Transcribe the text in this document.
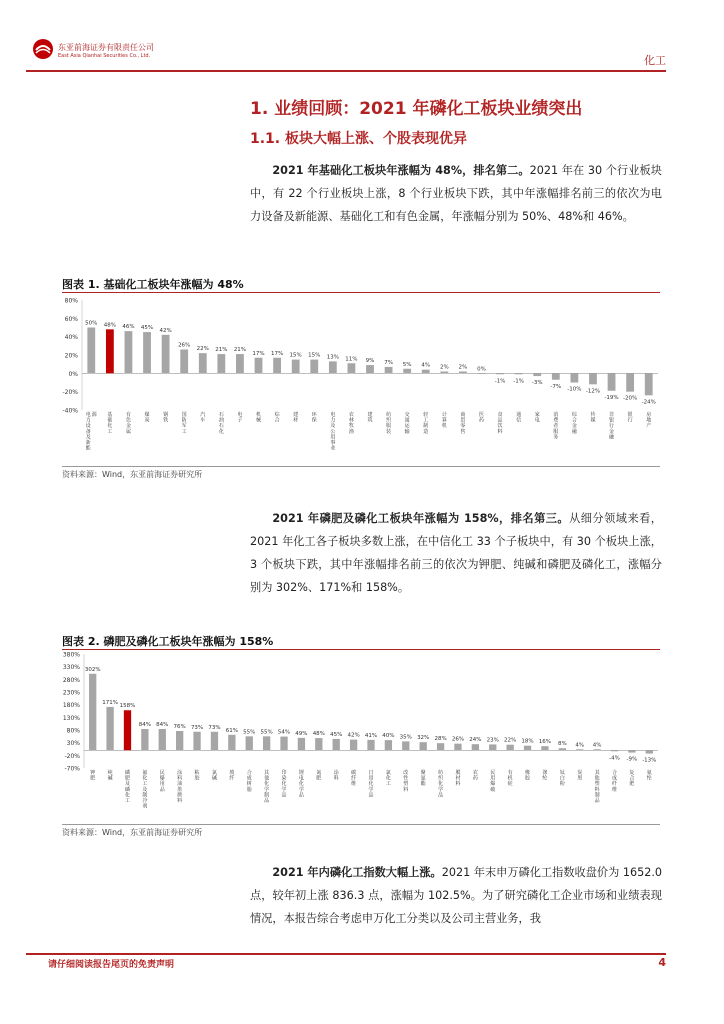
东亚前海证券有限责任公司
East Asia Qianhai Securities Co., Ltd.	化工
1. 业绩回顾：2021 年磷化工板块业绩突出
1.1. 板块大幅上涨、个股表现优异
2021 年基础化工板块年涨幅为 48%，排名第二。2021 年在 30 个行业板块中，有 22 个行业板块上涨，8 个行业板块下跌，其中年涨幅排名前三的依次为电力设备及新能源、基础化工和有色金属，年涨幅分别为 50%、48%和 46%。
图表 1. 基础化工板块年涨幅为 48%
80%
60%
40%
20%
0%
-20%
-40%
50%
电力设备及新能
源
48%
基础化工
46%
有色金属
45%
煤炭
42%
钢铁
26%
国防军工
22%
汽车
21%
石油石化
21%
电子
17%
机械
17%
综合
15%
建材
15%
环保
13%
电力及公用事业
11%
农林牧渔
9%
建筑
7%
纺织服装
5%
交通运输
4%
轻工制造
2%
计算机
2%
商贸零售
0%
医药
-1%
食品饮料
-1%
通信
-3%
家电
-7%
消费者服务
-10%
综合金融
-12%
传媒
-19%
非银行金融
-20%
银行
-24%
房地产
资料来源：Wind，东亚前海证券研究所
2021 年磷肥及磷化工板块年涨幅为 158%，排名第三。从细分领域来看，2021 年化工各子板块多数上涨，在中信化工 33 个子板块中，有 30 个板块上涨，3 个板块下跌，其中年涨幅排名前三的依次为钾肥、纯碱和磷肥及磷化工，涨幅分别为 302%、171%和 158%。
图表 2. 磷肥及磷化工板块年涨幅为 158%
380%
330%
280%
230%
180%
130%
80%
30%
-20%
-70%
302%
钾肥
171%
纯碱
158%
磷肥及磷化工
84%
氟化工及制冷剂
84%
民爆用品
76%
涂料油墨颜料
73%
粘胶
73%
氯碱
61%
玻纤
55%
合成树脂
55%
其他化学制品
54%
印染化学品
49%
锂电化学品
48%
氮肥
45%
涂料
42%
碳纤维
41%
日用化学品
40%
氯化工
35%
改性塑料
32%
聚氨酯
28%
纺织化学品
26%
膜材料
24%
农药
23%
民用爆破
22%
有机硅
18%
橡胶
16%
涤纶
8%
钛白粉
4%
炭黑
4%
其他塑料制品
-4%
合成纤维
-9%
复合肥
-13%
氨纶
资料来源：Wind，东亚前海证券研究所
2021 年内磷化工指数大幅上涨。2021 年末申万磷化工指数收盘价为 1652.0 点，较年初上涨 836.3 点，涨幅为 102.5%。为了研究磷化工企业市场和业绩表现情况，本报告综合考虑申万化工分类以及公司主营业务，我
请仔细阅读报告尾页的免责声明	4
